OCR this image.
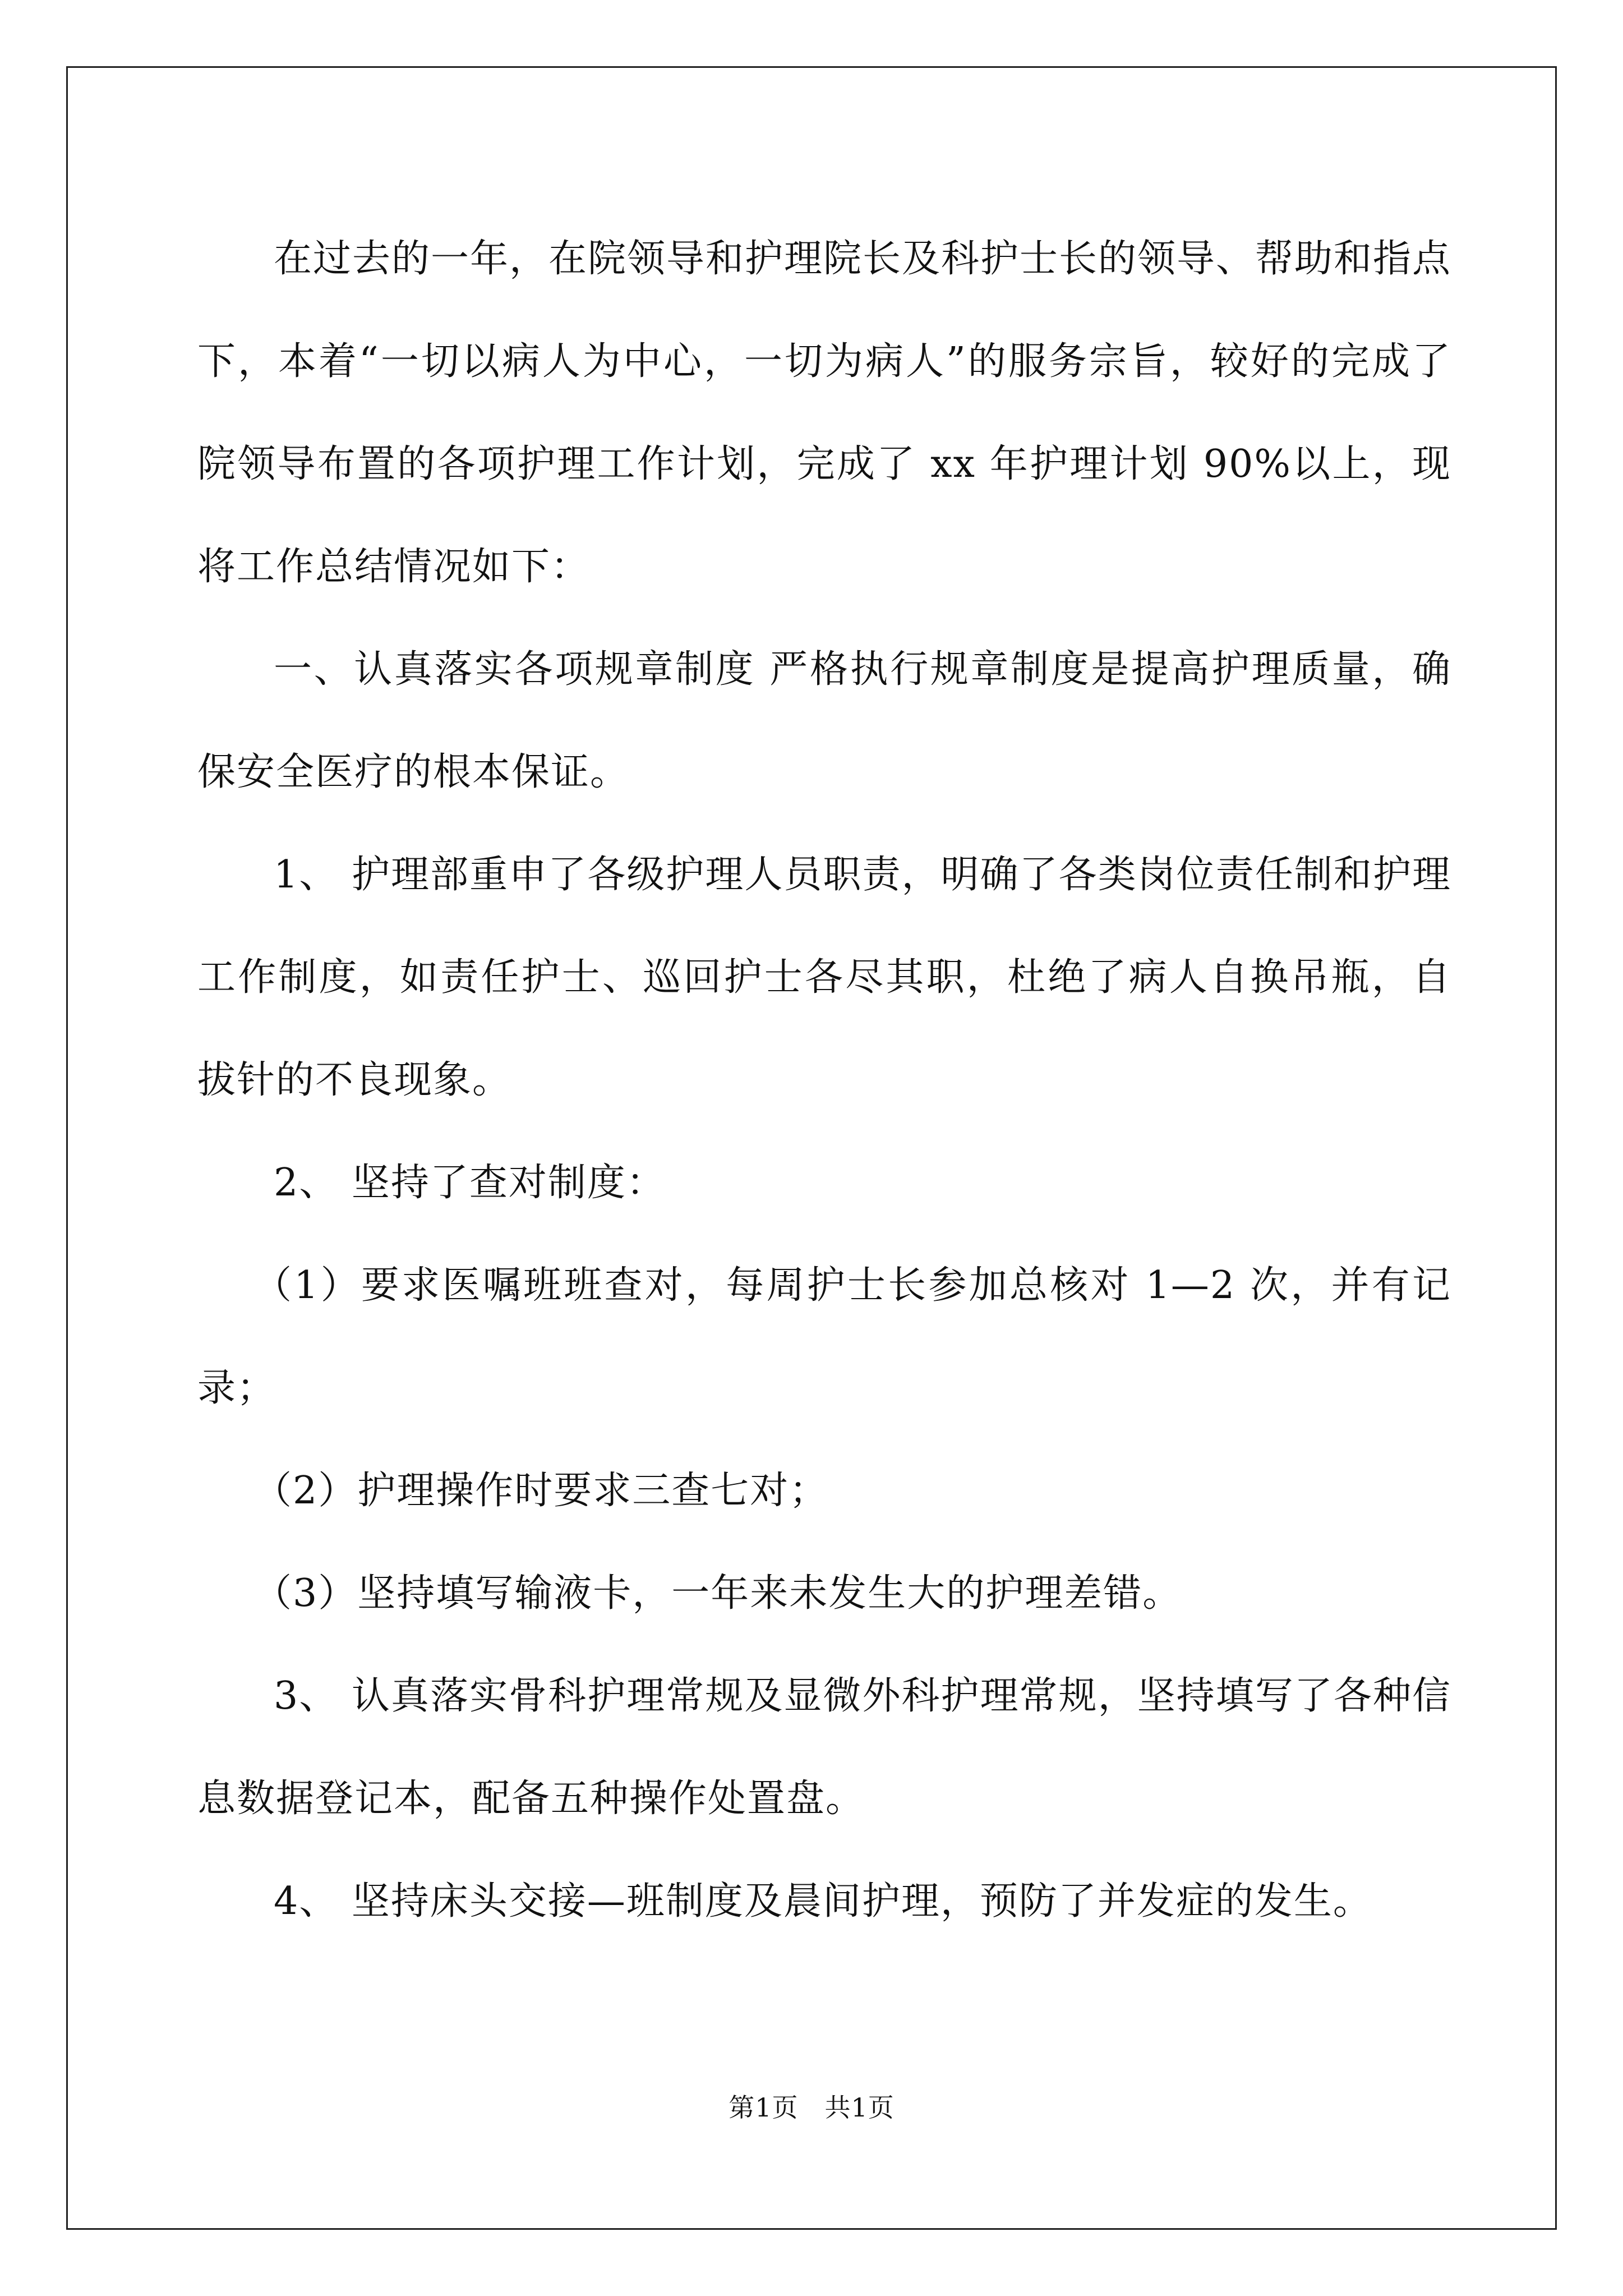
在过去的一年，在院领导和护理院长及科护士长的领导、帮助和指点下，本着“一切以病人为中心，一切为病人”的服务宗旨，较好的完成了院领导布置的各项护理工作计划，完成了 xx 年护理计划 90%以上，现将工作总结情况如下：

一、认真落实各项规章制度 严格执行规章制度是提高护理质量，确保安全医疗的根本保证。

1、 护理部重申了各级护理人员职责，明确了各类岗位责任制和护理工作制度，如责任护士、巡回护士各尽其职，杜绝了病人自换吊瓶，自拔针的不良现象。

2、 坚持了查对制度：

（1）要求医嘱班班查对，每周护士长参加总核对 1—2 次，并有记录；

（2）护理操作时要求三查七对；

（3）坚持填写输液卡，一年来未发生大的护理差错。

3、 认真落实骨科护理常规及显微外科护理常规，坚持填写了各种信息数据登记本，配备五种操作处置盘。

4、 坚持床头交接—班制度及晨间护理，预防了并发症的发生。

第1页　共1页
